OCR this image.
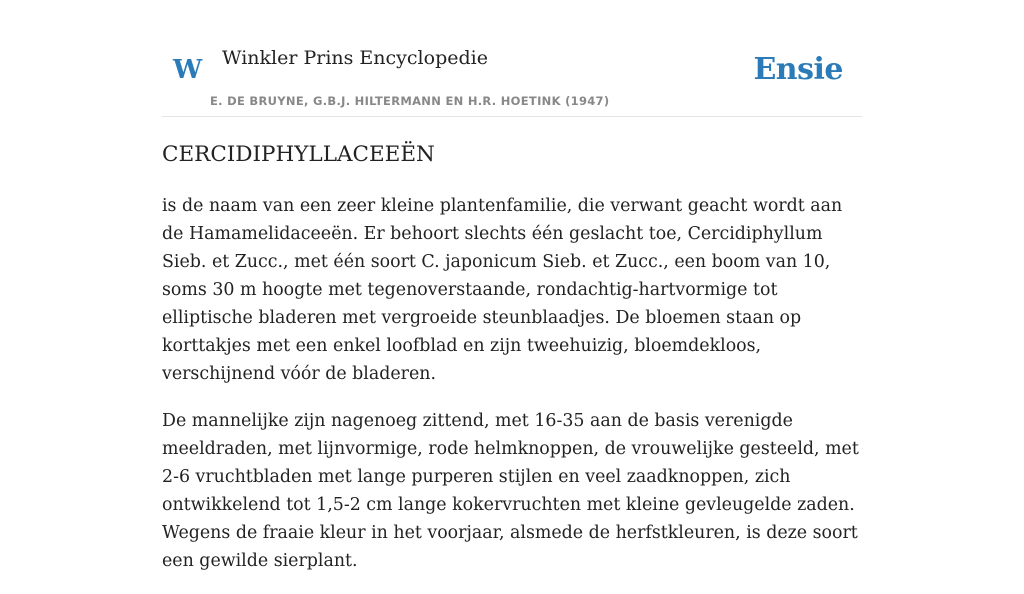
W Winkler Prins Encyclopedie
E. DE BRUYNE, G.B.J. HILTERMANN EN H.R. HOETINK (1947)
Ensie
CERCIDIPHYLLACEEËN

is de naam van een zeer kleine plantenfamilie, die verwant geacht wordt aan de Hamamelidaceeën. Er behoort slechts één geslacht toe, Cercidiphyllum Sieb. et Zucc., met één soort C. japonicum Sieb. et Zucc., een boom van 10, soms 30 m hoogte met tegenoverstaande, rondachtig-hartvormige tot elliptische bladeren met vergroeide steunblaadjes. De bloemen staan op korttakjes met een enkel loofblad en zijn tweehuizig, bloemdekloos, verschijnend vóór de bladeren.

De mannelijke zijn nagenoeg zittend, met 16-35 aan de basis verenigde meeldraden, met lijnvormige, rode helmknoppen, de vrouwelijke gesteeld, met 2-6 vruchtbladen met lange purperen stijlen en veel zaadknoppen, zich ontwikkelend tot 1,5-2 cm lange kokervruchten met kleine gevleugelde zaden. Wegens de fraaie kleur in het voorjaar, alsmede de herfstkleuren, is deze soort een gewilde sierplant.
